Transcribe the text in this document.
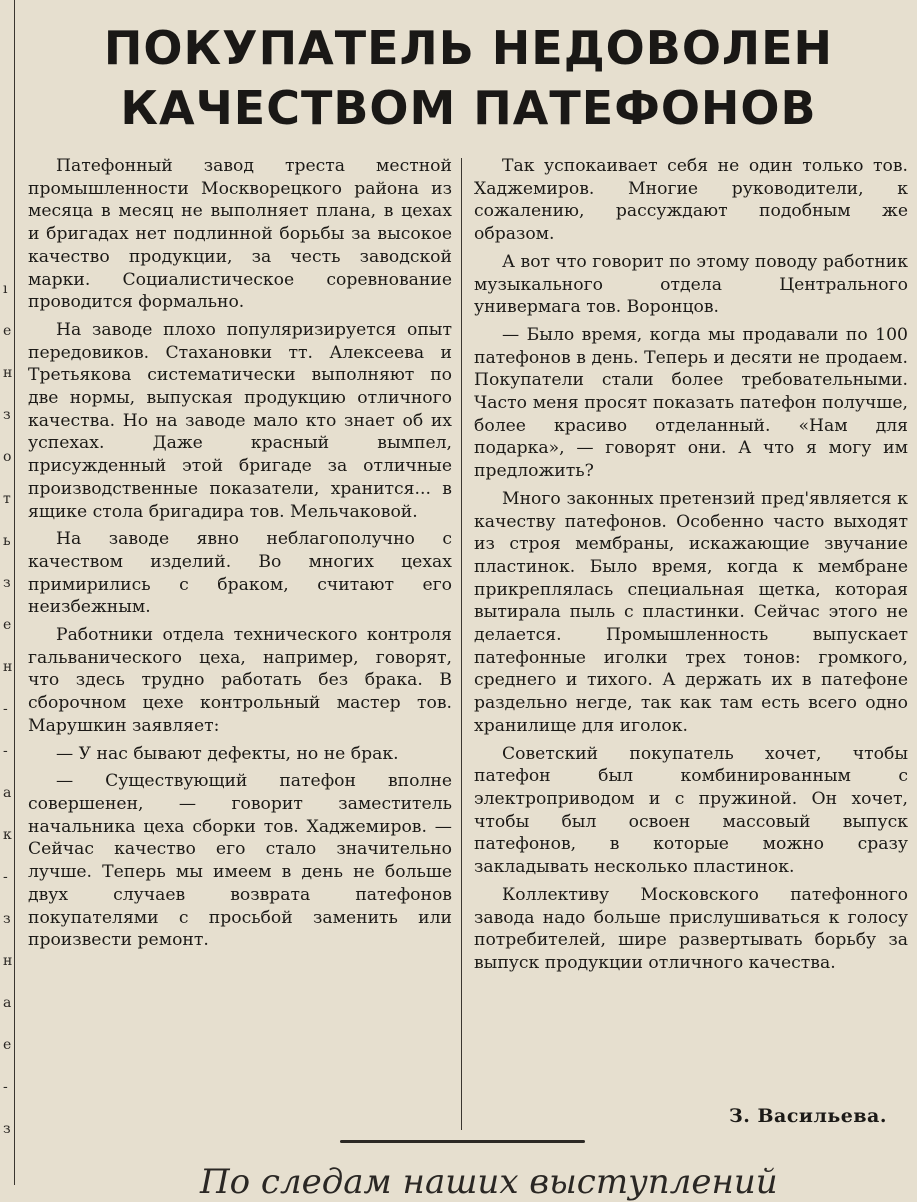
ı
е
н
з
о
т
ь
з
е
н
-
-
а
к
-
з
н
а
е
-
з
ПОКУПАТЕЛЬ НЕДОВОЛЕН
КАЧЕСТВОМ ПАТЕФОНОВ

Патефонный завод треста местной промышленности Москворецкого района из месяца в месяц не выполняет плана, в цехах и бригадах нет подлинной борьбы за высокое качество продукции, за честь заводской марки. Социалистическое соревнование проводится формально.

На заводе плохо популяризируется опыт передовиков. Стахановки тт. Алексеева и Третьякова систематически выполняют по две нормы, выпуская продукцию отличного качества. Но на заводе мало кто знает об их успехах. Даже красный вымпел, присужденный этой бригаде за отличные производственные показатели, хранится... в ящике стола бригадира тов. Мельчаковой.

На заводе явно неблагополучно с качеством изделий. Во многих цехах примирились с браком, считают его неизбежным.

Работники отдела технического контроля гальванического цеха, например, говорят, что здесь трудно работать без брака. В сборочном цехе контрольный мастер тов. Марушкин заявляет:

— У нас бывают дефекты, но не брак.

— Существующий патефон вполне совершенен, — говорит заместитель начальника цеха сборки тов. Хаджемиров. — Сейчас качество его стало значительно лучше. Теперь мы имеем в день не больше двух случаев возврата патефонов покупателями с просьбой заменить или произвести ремонт.

Так успокаивает себя не один только тов. Хаджемиров. Многие руководители, к сожалению, рассуждают подобным же образом.

А вот что говорит по этому поводу работник музыкального отдела Центрального универмага тов. Воронцов.

— Было время, когда мы продавали по 100 патефонов в день. Теперь и десяти не продаем. Покупатели стали более требовательными. Часто меня просят показать патефон получше, более красиво отделанный. «Нам для подарка», — говорят они. А что я могу им предложить?

Много законных претензий пред'является к качеству патефонов. Особенно часто выходят из строя мембраны, искажающие звучание пластинок. Было время, когда к мембране прикреплялась специальная щетка, которая вытирала пыль с пластинки. Сейчас этого не делается. Промышленность выпускает патефонные иголки трех тонов: громкого, среднего и тихого. А держать их в патефоне раздельно негде, так как там есть всего одно хранилище для иголок.

Советский покупатель хочет, чтобы патефон был комбинированным с электроприводом и с пружиной. Он хочет, чтобы был освоен массовый выпуск патефонов, в которые можно сразу закладывать несколько пластинок.

Коллективу Московского патефонного завода надо больше прислушиваться к голосу потребителей, шире развертывать борьбу за выпуск продукции отличного качества.

З. Васильева.

По следам наших выступлений
